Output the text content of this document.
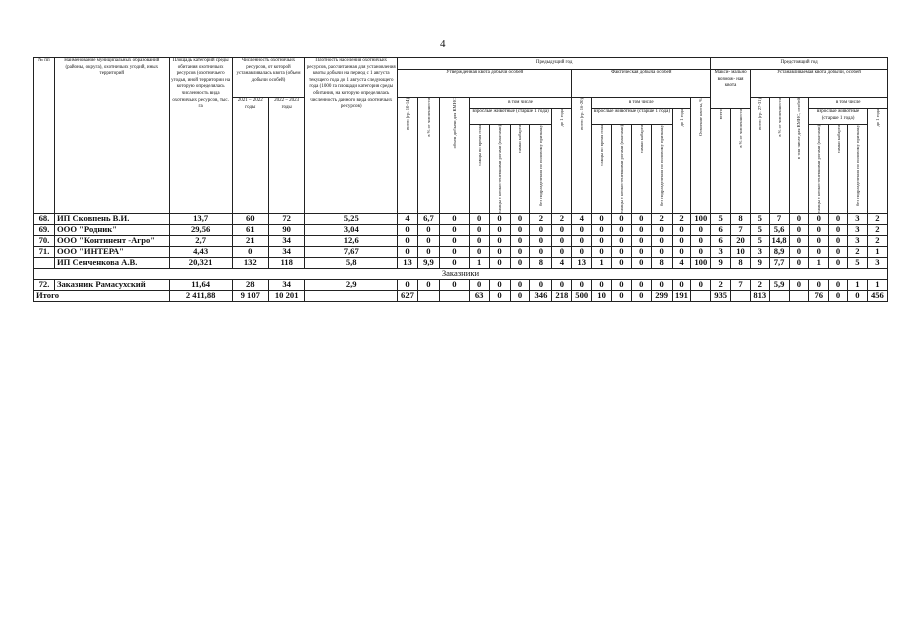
4
№ пп	Наименование муниципальных образований (районы, округа), охотничьих угодий, иных территорий	Площадь категорий среды обитания охотничьих ресурсов (охотничьего угодья, иной территории на которую определялась численность вида охотничьих ресурсов, тыс. га	Численность охотничьих ресурсов, от которой устанавливалась квота (объем добычи особей)		Плотность населения охотничьих ресурсов, рассчитанная для установления квоты добычи на период с 1 августа текущего года до 1 августа следующего года (1000 га площади категория среды обитания, на которую определялась численность данного вида охотничьих ресурсов)	Предыдущий год															Предстоящий год								
						Утвержденная квота добычи особей								Фактическая добыча особей							Макси- мально возмож- ная квота		Устанавливаемая квота добычи, особей						
			2021 – 2022 годы	2022 – 2023 годы		всего (гр. 10-14)	в % от численности	объем добычи для КМНС	в том числе					всего (гр. 16-20)	в том числе					Освоение квоты, %			всего (гр. 27-31)	в % от численности	в том числе для КМНС, особей	в том числе			
									взрослые животные (старше 1 года)				до 1 года		взрослые животные (старше 1 года)				до 1 года		всего	в % от численности				взрослые животные (старше 1 года)			до 1 года

									самцы во время гона	самцы с неокостеневшими рогами (пантами)	самки кабарги	без подразделения по половому признаку			самцы во время гона	самцы с неокостеневшими рогами (пантами)	самки кабарги	без подразделения по половому признаку								самцы с неокостеневшими рогами (пантами)	самки кабарги	без подразделения по половому признаку	

68.	ИП Сковпень В.И.	13,7	60	72	5,25	4	6,7	0	0	0	0	2	2	4	0	0	0	2	2	100	5	8	5	7	0	0	0	3	2
69.	ООО "Родник"	29,56	61	90	3,04	0	0	0	0	0	0	0	0	0	0	0	0	0	0	0	6	7	5	5,6	0	0	0	3	2
70.	ООО "Континент -Агро"	2,7	21	34	12,6	0	0	0	0	0	0	0	0	0	0	0	0	0	0	0	6	20	5	14,8	0	0	0	3	2
71.	ООО "ИНТЕРА"	4,43	0	34	7,67	0	0	0	0	0	0	0	0	0	0	0	0	0	0	0	3	10	3	8,9	0	0	0	2	1
	ИП Сенченкова А.В.	20,321	132	118	5,8	13	9,9	0	1	0	0	8	4	13	1	0	0	8	4	100	9	8	9	7,7	0	1	0	5	3
Заказники																													
72.	Заказник Рамасухский	11,64	28	34	2,9	0	0	0	0	0	0	0	0	0	0	0	0	0	0	0	2	7	2	5,9	0	0	0	1	1
Итого		2 411,88	9 107	10 201		627			63	0	0	346	218	500	10	0	0	299	191		935		813			76	0	0	456
